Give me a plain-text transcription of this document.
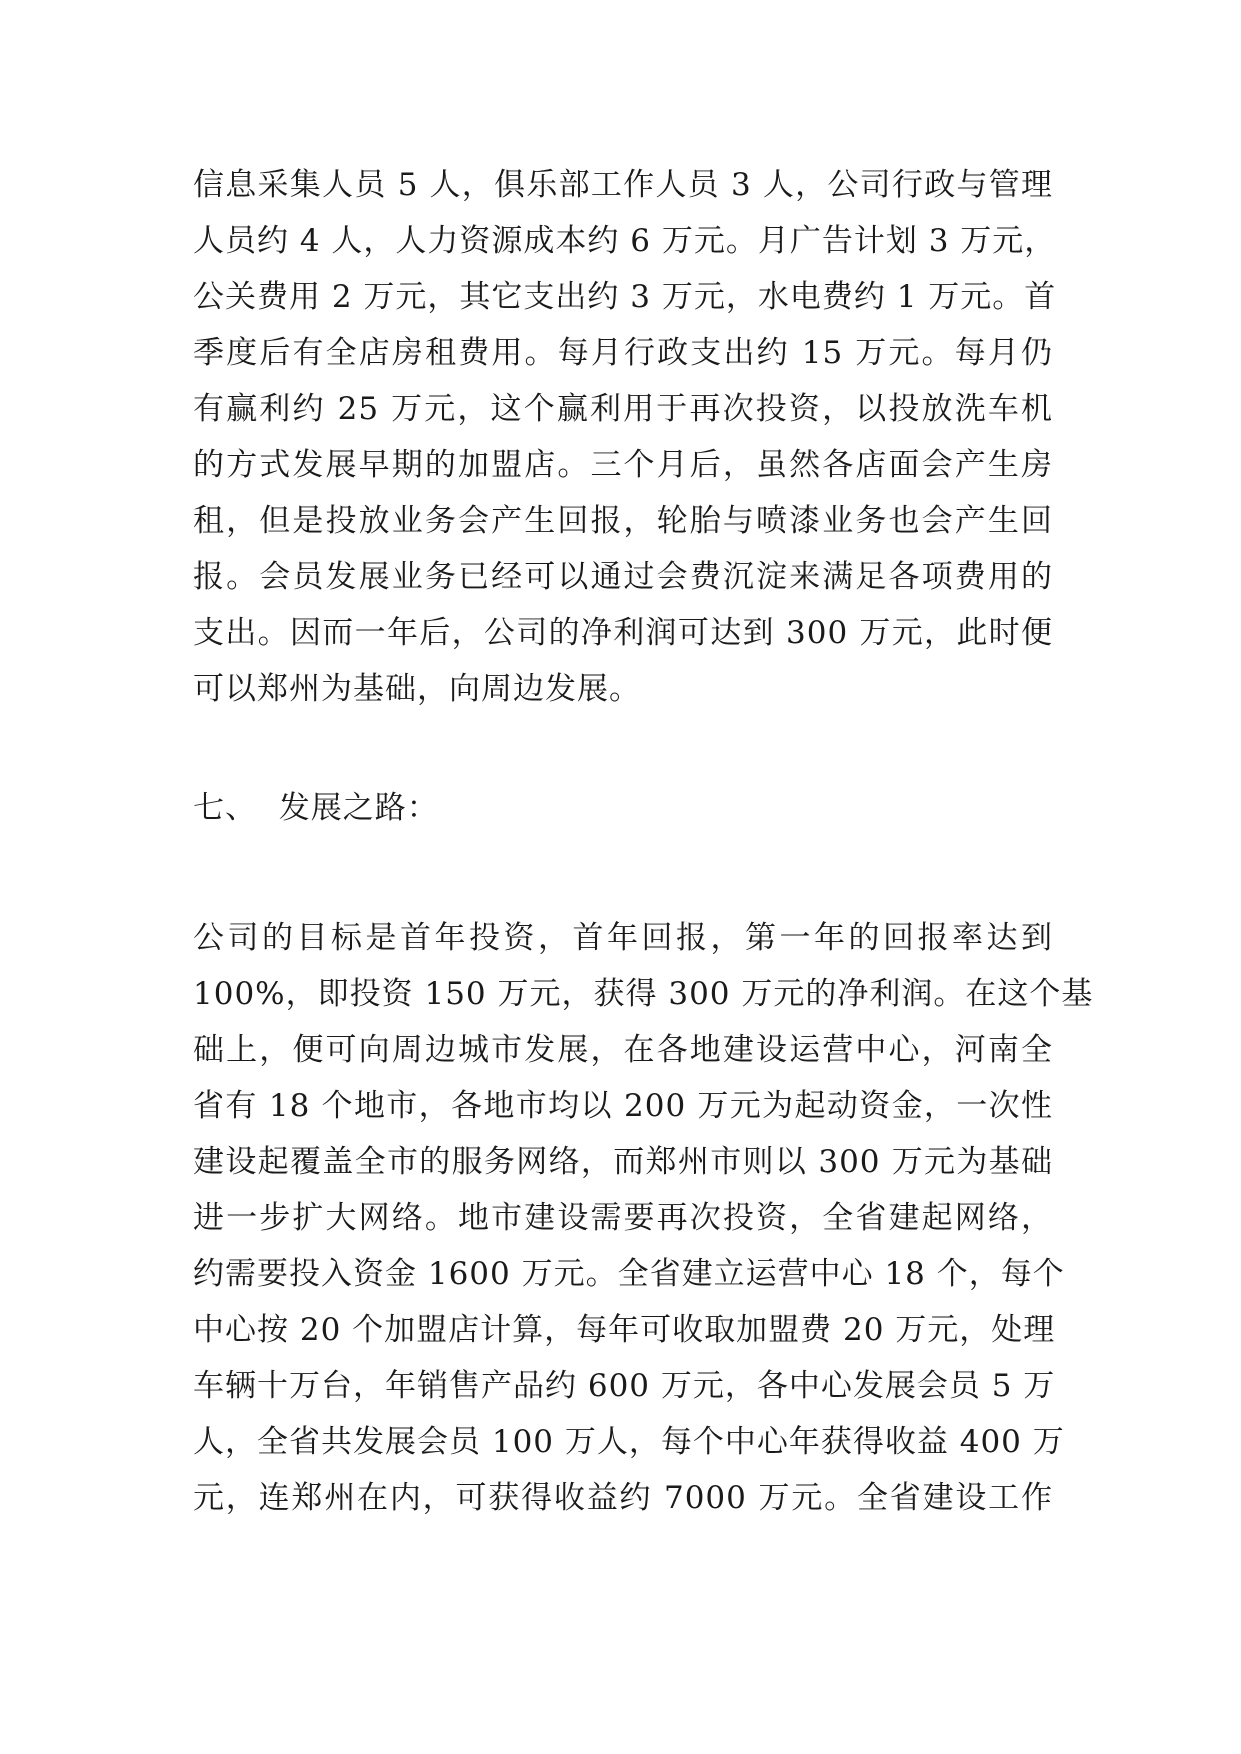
信息采集人员 5 人，俱乐部工作人员 3 人，公司行政与管理
人员约 4 人，人力资源成本约 6 万元。月广告计划 3 万元，
公关费用 2 万元，其它支出约 3 万元，水电费约 1 万元。首
季度后有全店房租费用。每月行政支出约 15 万元。每月仍
有赢利约 25 万元，这个赢利用于再次投资，以投放洗车机
的方式发展早期的加盟店。三个月后，虽然各店面会产生房
租，但是投放业务会产生回报，轮胎与喷漆业务也会产生回
报。会员发展业务已经可以通过会费沉淀来满足各项费用的
支出。因而一年后，公司的净利润可达到 300 万元，此时便
可以郑州为基础，向周边发展。
七、  发展之路：
公司的目标是首年投资，首年回报，第一年的回报率达到
100%，即投资 150 万元，获得 300 万元的净利润。在这个基
础上，便可向周边城市发展，在各地建设运营中心，河南全
省有 18 个地市，各地市均以 200 万元为起动资金，一次性
建设起覆盖全市的服务网络，而郑州市则以 300 万元为基础
进一步扩大网络。地市建设需要再次投资，全省建起网络，
约需要投入资金 1600 万元。全省建立运营中心 18 个，每个
中心按 20 个加盟店计算，每年可收取加盟费 20 万元，处理
车辆十万台，年销售产品约 600 万元，各中心发展会员 5 万
人，全省共发展会员 100 万人，每个中心年获得收益 400 万
元，连郑州在内，可获得收益约 7000 万元。全省建设工作
